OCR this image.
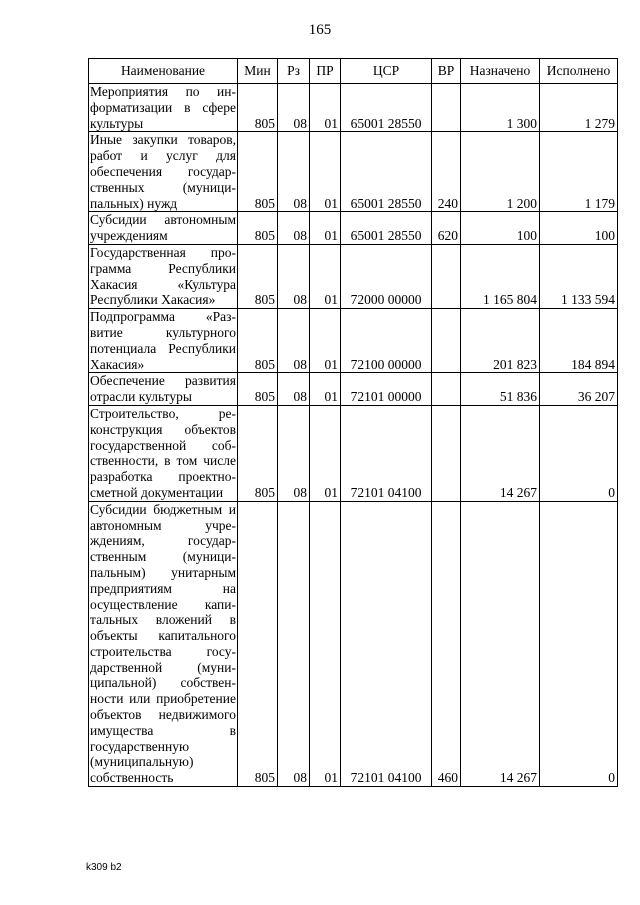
165
Наименование	Мин	Рз	ПР	ЦСР	ВР	Назначено	Исполнено
Мероприятия по информатизации в сфере культуры	805	08	01	65001 28550		1 300	1 279
Иные закупки товаров, работ и услуг для обеспечения государственных (муниципальных) нужд	805	08	01	65001 28550	240	1 200	1 179
Субсидии автономным учреждениям	805	08	01	65001 28550	620	100	100
Государственная программа Республики Хакасия «Культура Республики Хакасия»	805	08	01	72000 00000		1 165 804	1 133 594
Подпрограмма «Развитие культурного потенциала Республики Хакасия»	805	08	01	72100 00000		201 823	184 894
Обеспечение развития отрасли культуры	805	08	01	72101 00000		51 836	36 207
Строительство, реконструкция объектов государственной собственности, в том числе разработка проектно-сметной документации	805	08	01	72101 04100		14 267	0
Субсидии бюджетным и автономным учреждениям, государственным (муниципальным) унитарным предприятиям на осуществление капитальных вложений в объекты капитального строительства государственной (муниципальной) собственности или приобретение объектов недвижимого имущества в государственную (муниципальную) собственность	805	08	01	72101 04100	460	14 267	0
k309 b2
